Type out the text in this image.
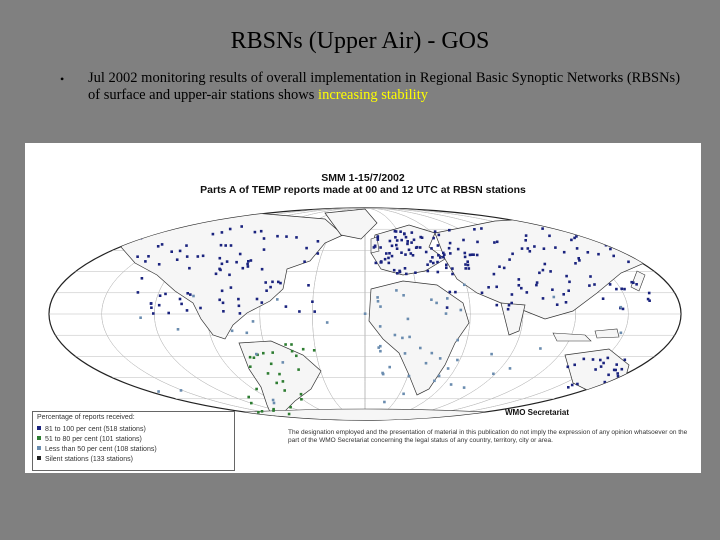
RBSNs (Upper Air) - GOS
• Jul 2002 monitoring results of overall implementation in Regional Basic Synoptic Networks (RBSNs) of surface and upper-air stations shows increasing stability
SMM 1-15/7/2002
Parts A of TEMP reports made at 00 and 12 UTC at RBSN stations
WMO Secretariat
The designation employed and the presentation of material in this publication do not imply the expression of any opinion whatsoever on the part of the WMO Secretariat concerning the legal status of any country, territory, city or area.
Percentage of reports received:
81 to 100 per cent (518 stations)
51 to 80 per cent (101 stations)
Less than 50 per cent (108 stations)
Silent stations (133 stations)
